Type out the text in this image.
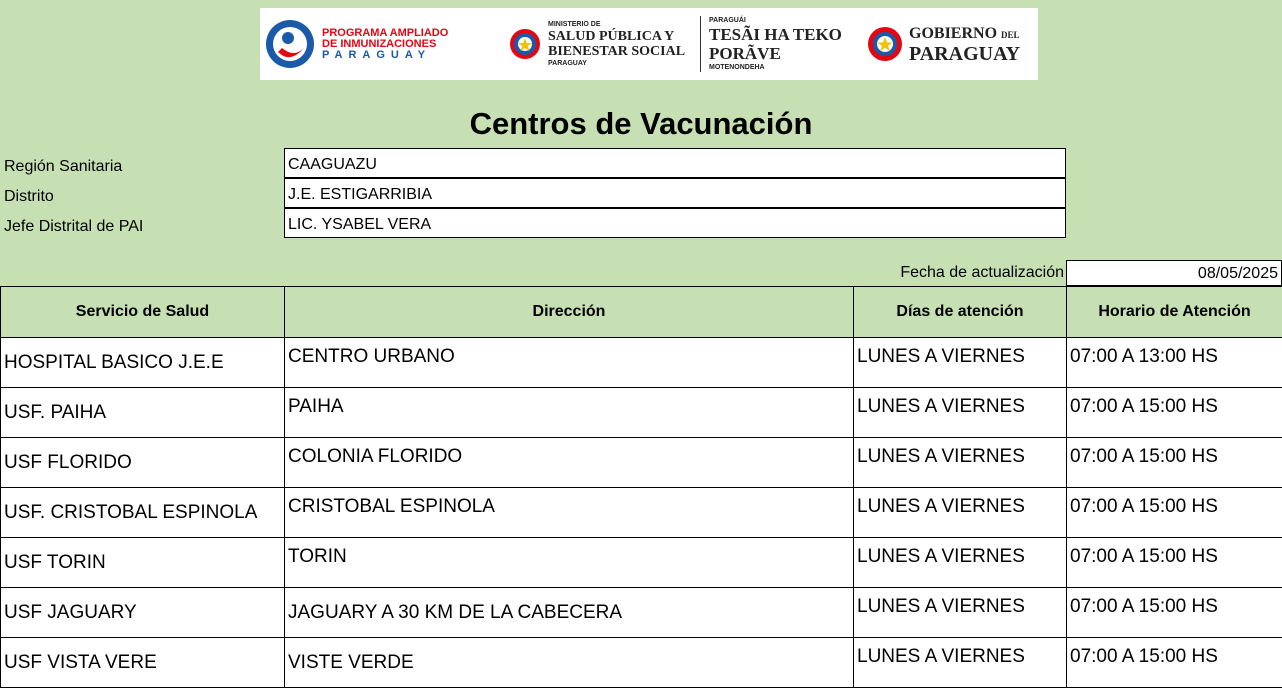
PROGRAMA AMPLIADO
DE INMUNIZACIONES
PARAGUAY
MINISTERIO DE
SALUD PÚBLICA Y
BIENESTAR SOCIAL
PARAGUAY
PARAGUÁI
TESÃI HA TEKO
PORÃVE
MOTENONDEHA
GOBIERNO DEL
PARAGUAY
Centros de Vacunación
Región Sanitaria	CAAGUAZU
Distrito	J.E. ESTIGARRIBIA
Jefe Distrital de PAI	LIC. YSABEL VERA
Fecha de actualización	08/05/2025
Servicio de Salud	Dirección	Días de atención	Horario de Atención
HOSPITAL BASICO J.E.E	CENTRO URBANO	LUNES A VIERNES	07:00 A 13:00 HS
USF. PAIHA	PAIHA	LUNES A VIERNES	07:00 A 15:00 HS
USF FLORIDO	COLONIA FLORIDO	LUNES A VIERNES	07:00 A 15:00 HS
USF. CRISTOBAL ESPINOLA	CRISTOBAL ESPINOLA	LUNES A VIERNES	07:00 A 15:00 HS
USF TORIN	TORIN	LUNES A VIERNES	07:00 A 15:00 HS
USF JAGUARY	JAGUARY A 30 KM DE LA CABECERA	LUNES A VIERNES	07:00 A 15:00 HS
USF VISTA VERE	VISTE VERDE	LUNES A VIERNES	07:00 A 15:00 HS
